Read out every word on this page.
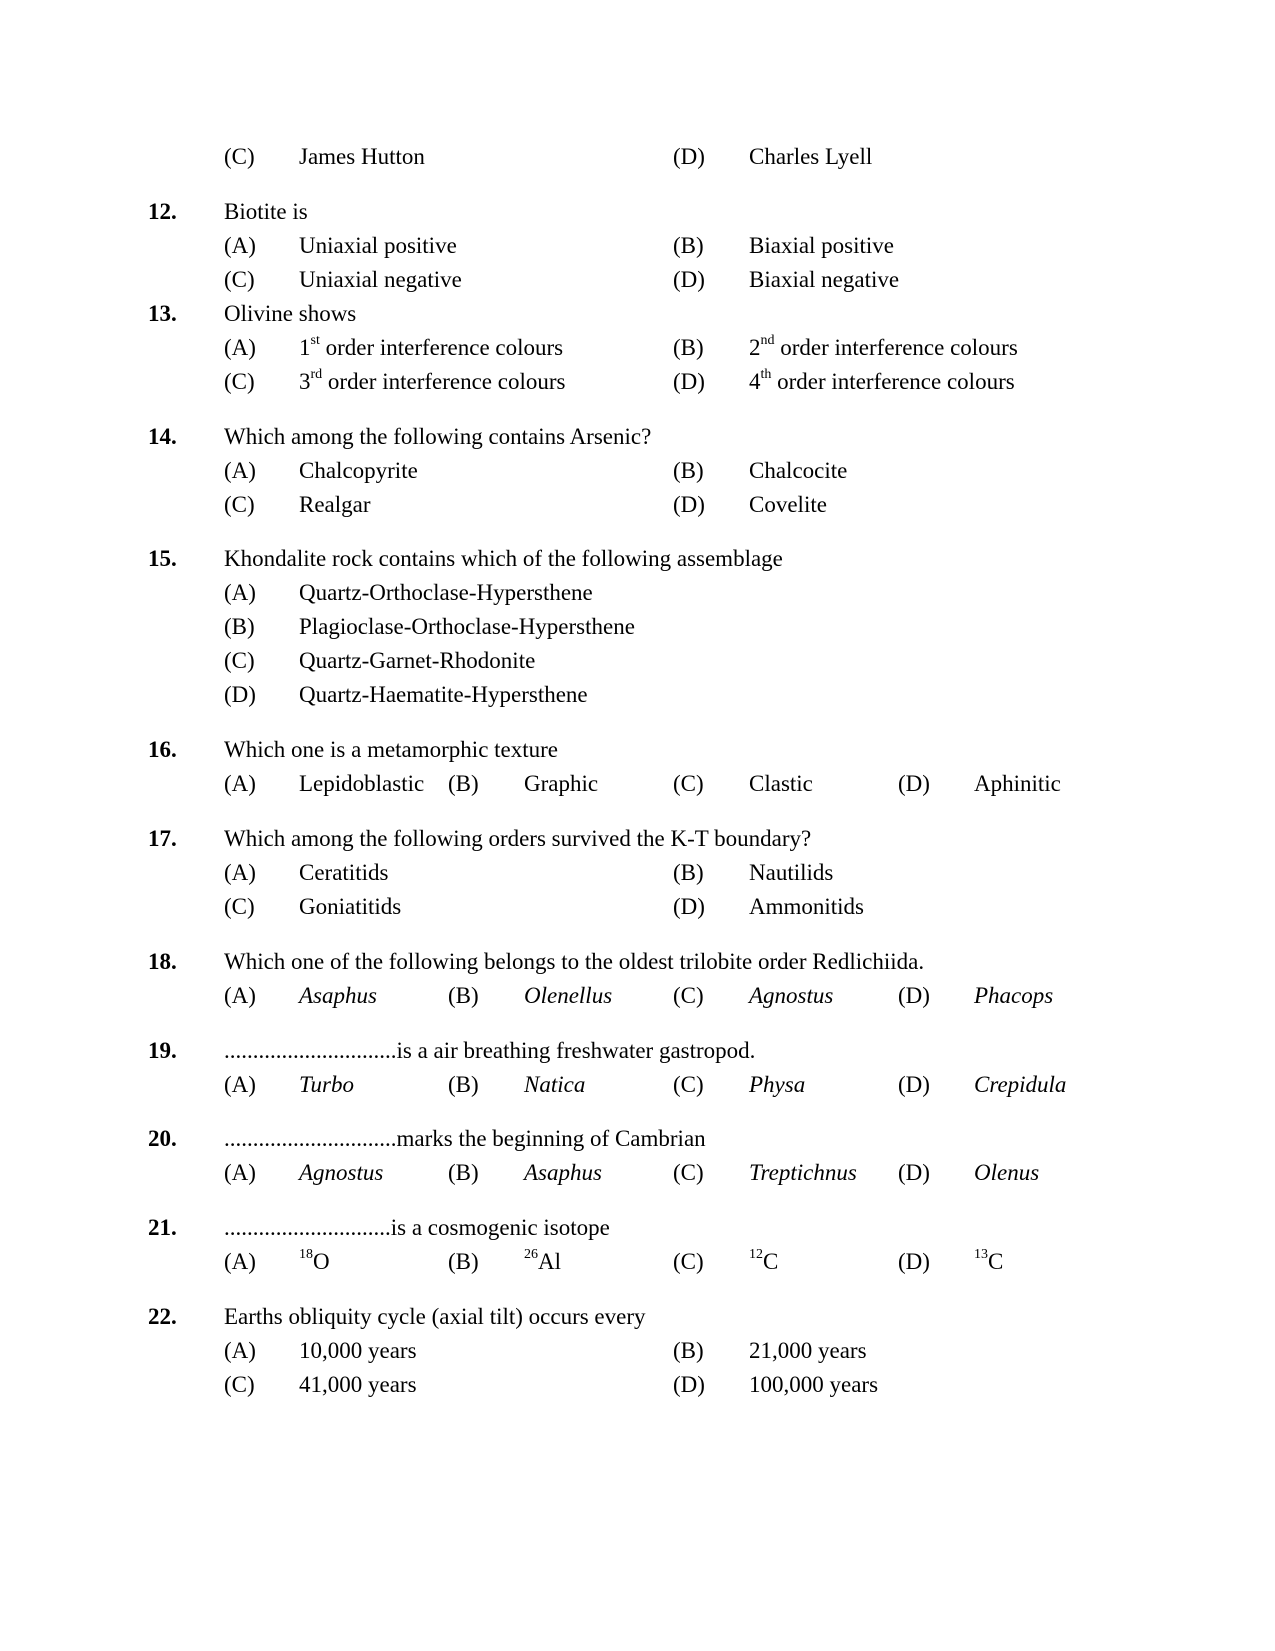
(C) James Hutton	(D) Charles Lyell
12. Biotite is
(A) Uniaxial positive	(B) Biaxial positive
(C) Uniaxial negative	(D) Biaxial negative
13. Olivine shows
(A) 1st order interference colours	(B) 2nd order interference colours
(C) 3rd order interference colours	(D) 4th order interference colours
14. Which among the following contains Arsenic?
(A) Chalcopyrite	(B) Chalcocite
(C) Realgar	(D) Covelite
15. Khondalite rock contains which of the following assemblage
(A) Quartz-Orthoclase-Hypersthene
(B) Plagioclase-Orthoclase-Hypersthene
(C) Quartz-Garnet-Rhodonite
(D) Quartz-Haematite-Hypersthene
16. Which one is a metamorphic texture
(A) Lepidoblastic (B) Graphic	(C) Clastic	(D) Aphinitic
17. Which among the following orders survived the K-T boundary?
(A) Ceratitids	(B) Nautilids
(C) Goniatitids	(D) Ammonitids
18. Which one of the following belongs to the oldest trilobite order Redlichiida.
(A) Asaphus	(B) Olenellus	(C) Agnostus	(D) Phacops
19. ..............................is a air breathing freshwater gastropod.
(A) Turbo	(B) Natica	(C) Physa	(D) Crepidula
20. ..............................marks the beginning of Cambrian
(A) Agnostus	(B) Asaphus	(C) Treptichnus (D) Olenus
21. .............................is a cosmogenic isotope
(A)	$^{18}$O	(B)	$^{26}$Al	(C)	$^{12}$C	(D)	$^{13}$C
22. Earths obliquity cycle (axial tilt) occurs every
(A) 10,000 years	(B) 21,000 years
(C) 41,000 years	(D) 100,000 years
